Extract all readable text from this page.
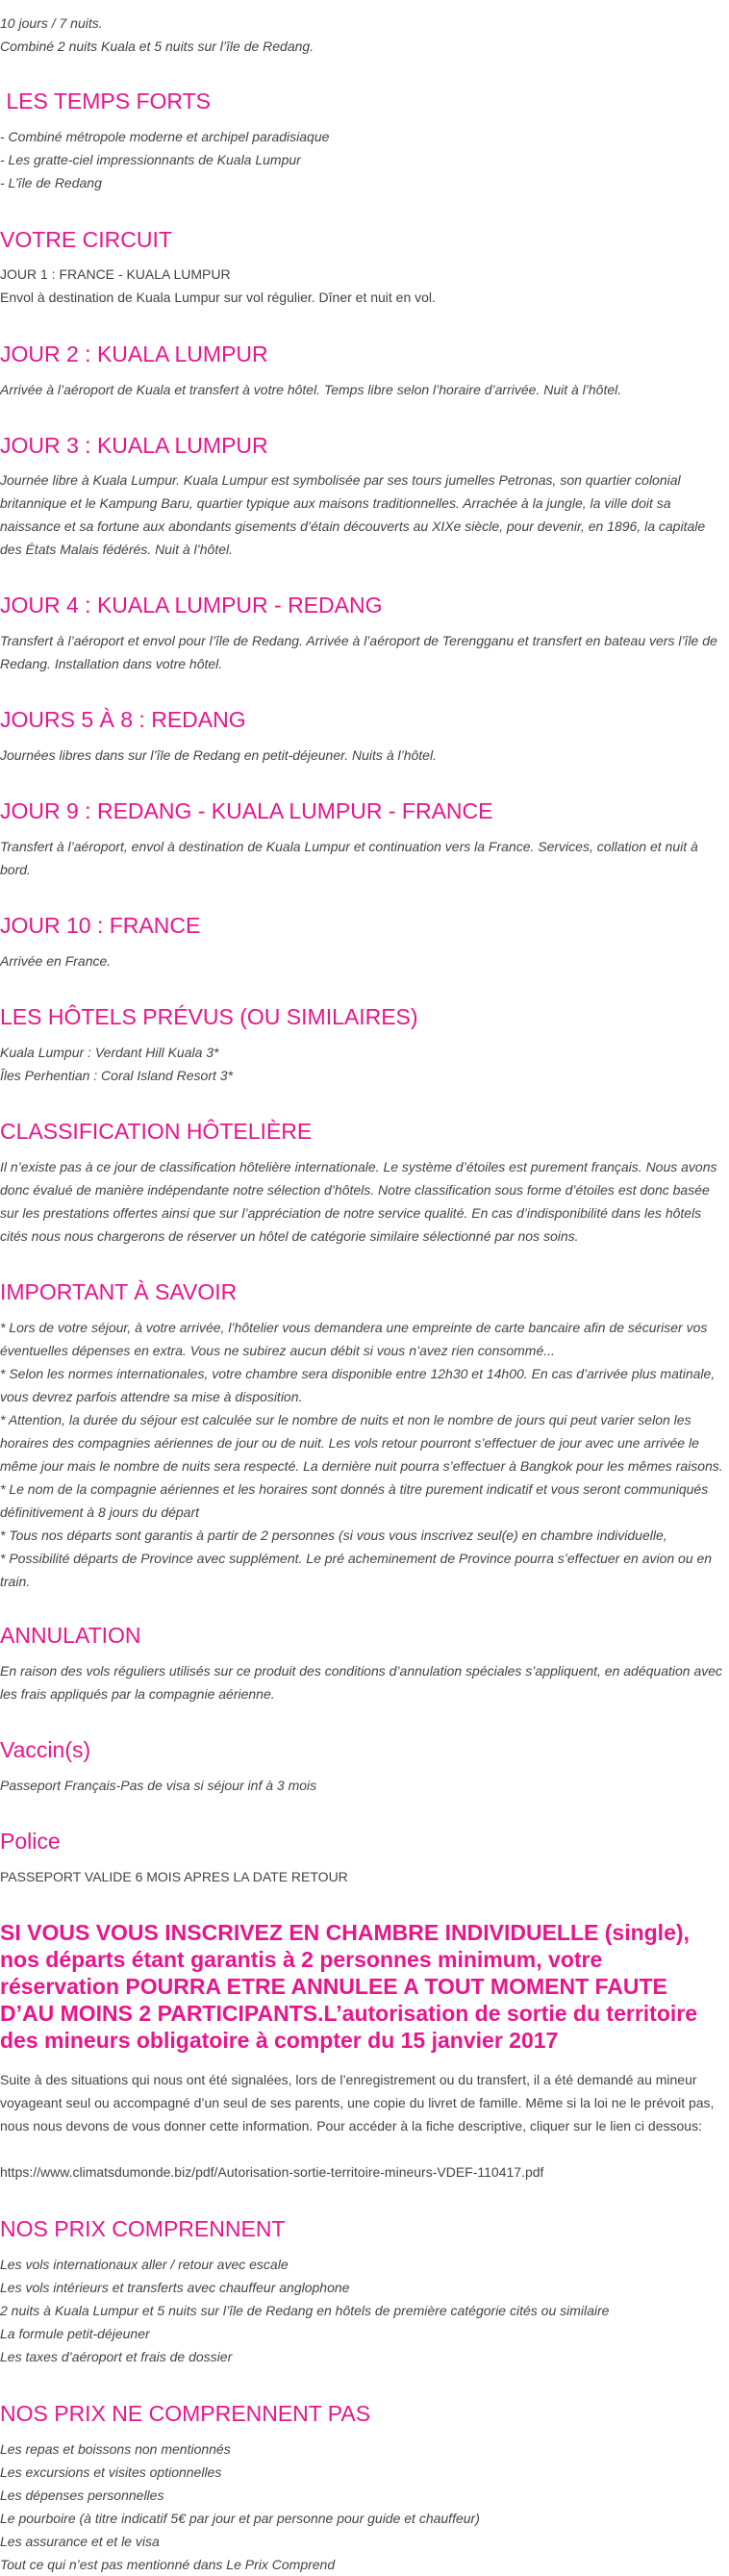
10 jours / 7 nuits.

Combiné 2 nuits Kuala et 5 nuits sur l’île de Redang.

LES TEMPS FORTS

- Combiné métropole moderne et archipel paradisiaque

- Les gratte-ciel impressionnants de Kuala Lumpur

- L’île de Redang

VOTRE CIRCUIT

JOUR 1 : FRANCE - KUALA LUMPUR

Envol à destination de Kuala Lumpur sur vol régulier. Dîner et nuit en vol.

JOUR 2 : KUALA LUMPUR

Arrivée à l’aéroport de Kuala et transfert à votre hôtel. Temps libre selon l’horaire d’arrivée. Nuit à l’hôtel.

JOUR 3 : KUALA LUMPUR

Journée libre à Kuala Lumpur. Kuala Lumpur est symbolisée par ses tours jumelles Petronas, son quartier colonial britannique et le Kampung Baru, quartier typique aux maisons traditionnelles. Arrachée à la jungle, la ville doit sa naissance et sa fortune aux abondants gisements d’étain découverts au XIXe siècle, pour devenir, en 1896, la capitale des États Malais fédérés. Nuit à l’hôtel.

JOUR 4 : KUALA LUMPUR - REDANG

Transfert à l’aéroport et envol pour l’île de Redang. Arrivée à l’aéroport de Terengganu et transfert en bateau vers l’île de Redang. Installation dans votre hôtel.

JOURS 5 À 8 : REDANG

Journées libres dans sur l’île de Redang en petit-déjeuner. Nuits à l’hôtel.

JOUR 9 : REDANG - KUALA LUMPUR - FRANCE

Transfert à l’aéroport, envol à destination de Kuala Lumpur et continuation vers la France. Services, collation et nuit à bord.

JOUR 10 : FRANCE

Arrivée en France.

LES HÔTELS PRÉVUS (OU SIMILAIRES)

Kuala Lumpur : Verdant Hill Kuala 3*

Îles Perhentian : Coral Island Resort 3*

CLASSIFICATION HÔTELIÈRE

Il n’existe pas à ce jour de classification hôtelière internationale. Le système d’étoiles est purement français. Nous avons donc évalué de manière indépendante notre sélection d’hôtels. Notre classification sous forme d’étoiles est donc basée sur les prestations offertes ainsi que sur l’appréciation de notre service qualité. En cas d’indisponibilité dans les hôtels cités nous nous chargerons de réserver un hôtel de catégorie similaire sélectionné par nos soins.

IMPORTANT À SAVOIR

* Lors de votre séjour, à votre arrivée, l’hôtelier vous demandera une empreinte de carte bancaire afin de sécuriser vos éventuelles dépenses en extra. Vous ne subirez aucun débit si vous n’avez rien consommé...

* Selon les normes internationales, votre chambre sera disponible entre 12h30 et 14h00. En cas d’arrivée plus matinale, vous devrez parfois attendre sa mise à disposition.

* Attention, la durée du séjour est calculée sur le nombre de nuits et non le nombre de jours qui peut varier selon les horaires des compagnies aériennes de jour ou de nuit. Les vols retour pourront s’effectuer de jour avec une arrivée le même jour mais le nombre de nuits sera respecté. La dernière nuit pourra s’effectuer à Bangkok pour les mêmes raisons.

* Le nom de la compagnie aériennes et les horaires sont donnés à titre purement indicatif et vous seront communiqués définitivement à 8 jours du départ

* Tous nos départs sont garantis à partir de 2 personnes (si vous vous inscrivez seul(e) en chambre individuelle,

* Possibilité départs de Province avec supplément. Le pré acheminement de Province pourra s’effectuer en avion ou en train.

ANNULATION

En raison des vols réguliers utilisés sur ce produit des conditions d’annulation spéciales s’appliquent, en adéquation avec les frais appliqués par la compagnie aérienne.

Vaccin(s)

Passeport Français-Pas de visa si séjour inf à 3 mois

Police

PASSEPORT VALIDE 6 MOIS APRES LA DATE RETOUR

SI VOUS VOUS INSCRIVEZ EN CHAMBRE INDIVIDUELLE (single), nos départs étant garantis à 2 personnes minimum, votre réservation POURRA ETRE ANNULEE A TOUT MOMENT FAUTE D’AU MOINS 2 PARTICIPANTS.L’autorisation de sortie du territoire des mineurs obligatoire à compter du 15 janvier 2017

Suite à des situations qui nous ont été signalées, lors de l’enregistrement ou du transfert, il a été demandé au mineur voyageant seul ou accompagné d’un seul de ses parents, une copie du livret de famille. Même si la loi ne le prévoit pas, nous nous devons de vous donner cette information. Pour accéder à la fiche descriptive, cliquer sur le lien ci dessous:

https://www.climatsdumonde.biz/pdf/Autorisation-sortie-territoire-mineurs-VDEF-110417.pdf
NOS PRIX COMPRENNENT

Les vols internationaux aller / retour avec escale

Les vols intérieurs et transferts avec chauffeur anglophone

2 nuits à Kuala Lumpur et 5 nuits sur l’île de Redang en hôtels de première catégorie cités ou similaire

La formule petit-déjeuner

Les taxes d’aéroport et frais de dossier

NOS PRIX NE COMPRENNENT PAS

Les repas et boissons non mentionnés

Les excursions et visites optionnelles

Les dépenses personnelles

Le pourboire (à titre indicatif 5€ par jour et par personne pour guide et chauffeur)

Les assurance et et le visa

Tout ce qui n’est pas mentionné dans Le Prix Comprend
